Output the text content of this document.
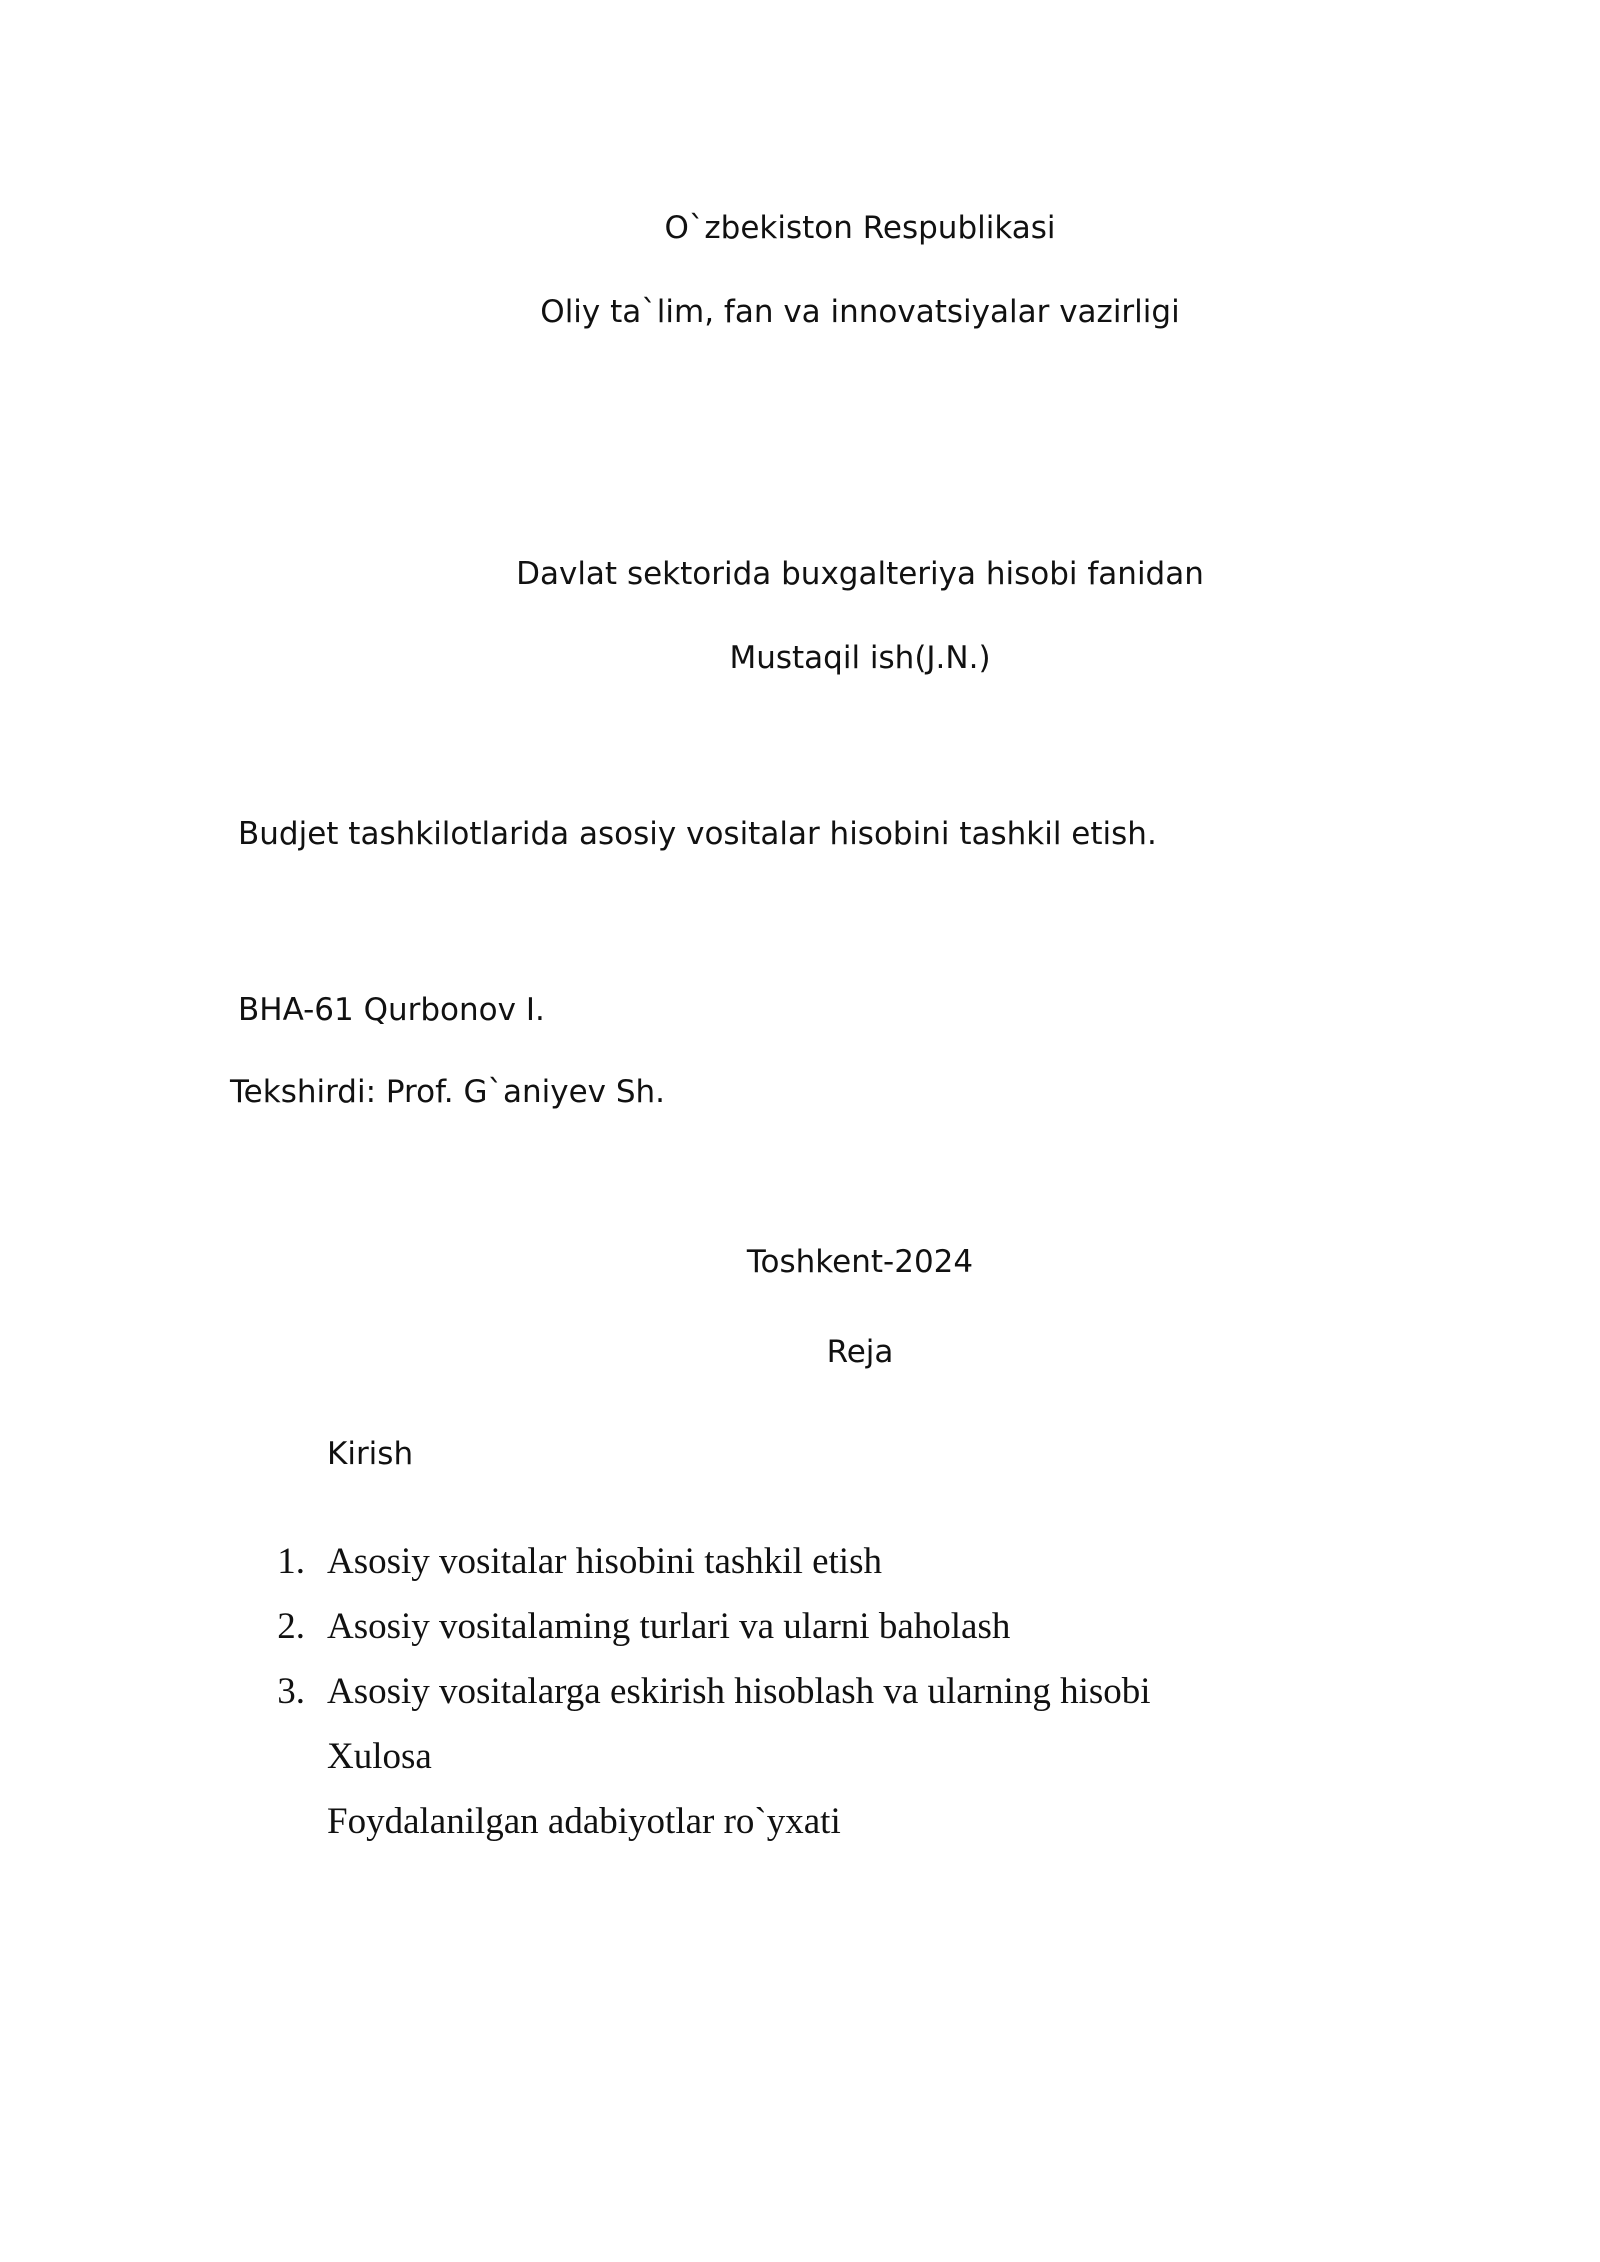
O`zbekiston Respublikasi
Oliy ta`lim, fan va innovatsiyalar vazirligi
Davlat sektorida buxgalteriya hisobi fanidan
Mustaqil ish(J.N.)
Budjet tashkilotlarida asosiy vositalar hisobini tashkil etish.
BHA-61 Qurbonov I.
Tekshirdi: Prof. G`aniyev Sh.
Toshkent-2024
Reja
Kirish
1. Asosiy vositalar hisobini tashkil etish
2. Asosiy vositalaming turlari va ularni baholash
3. Asosiy vositalarga eskirish hisoblash va ularning hisobi
Xulosa
Foydalanilgan adabiyotlar ro`yxati
